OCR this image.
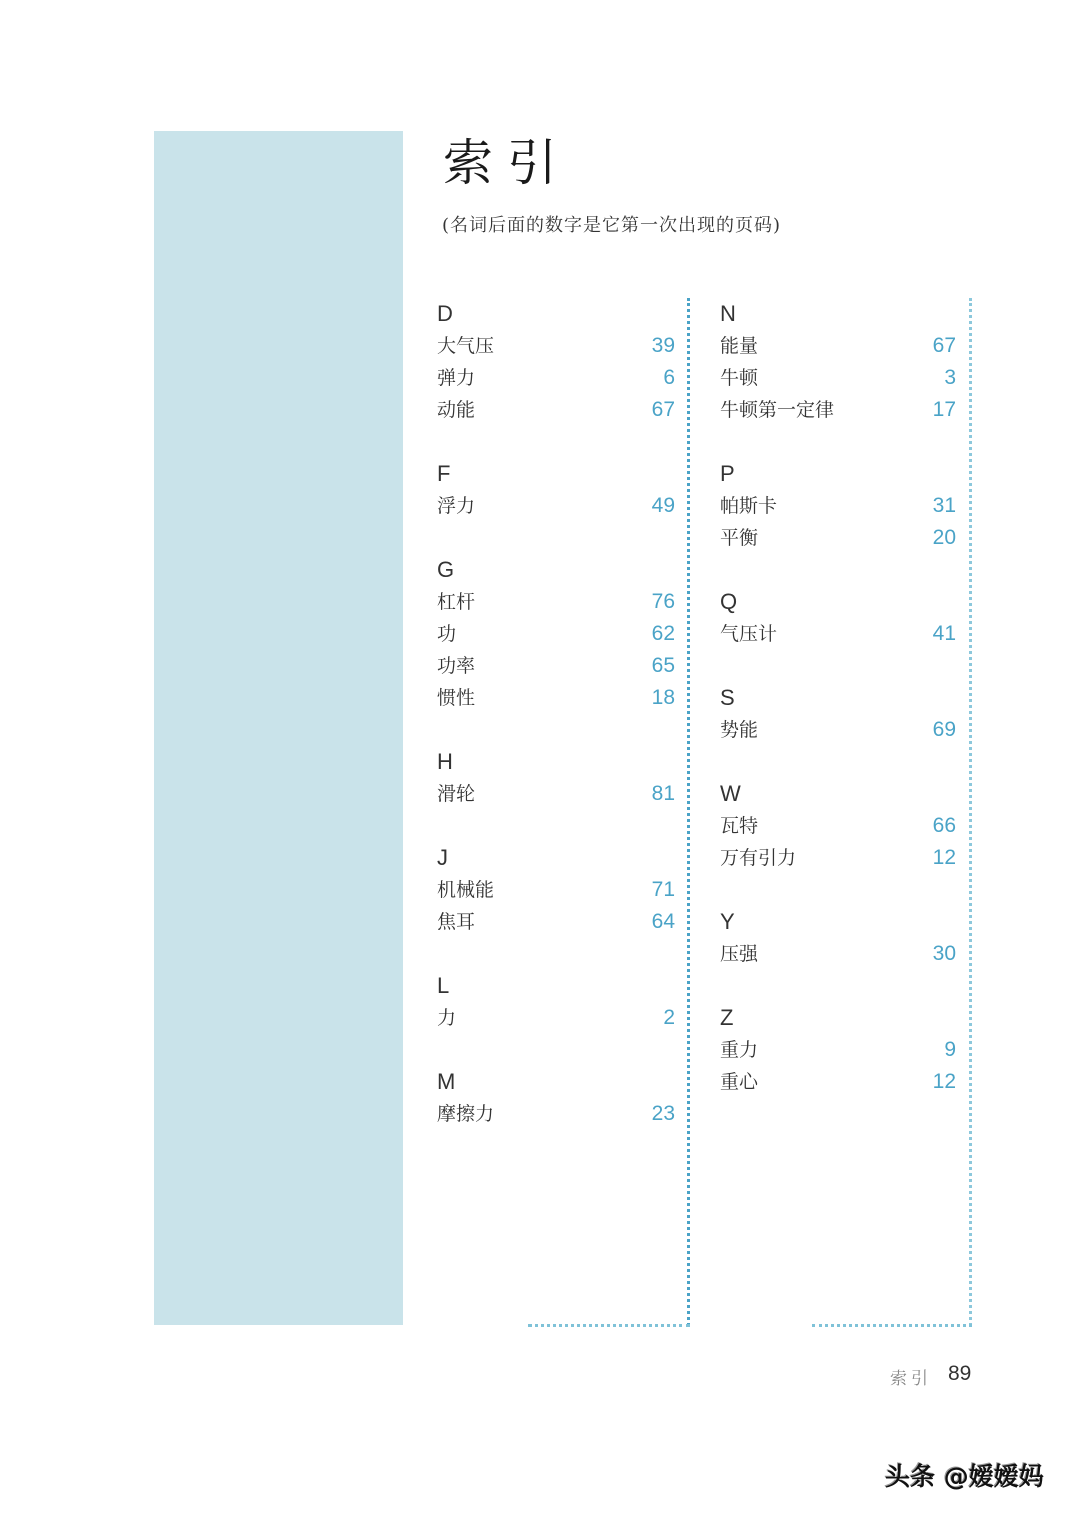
索引
(名词后面的数字是它第一次出现的页码)
D
大气压	39
弹力	6
动能	67
F
浮力	49
G
杠杆	76
功	62
功率	65
惯性	18
H
滑轮	81
J
机械能	71
焦耳	64
L
力	2
M
摩擦力	23
N
能量	67
牛顿	3
牛顿第一定律	17
P
帕斯卡	31
平衡	20
Q
气压计	41
S
势能	69
W
瓦特	66
万有引力	12
Y
压强	30
Z
重力	9
重心	12
索引 89
头条 @嫒嫒妈
